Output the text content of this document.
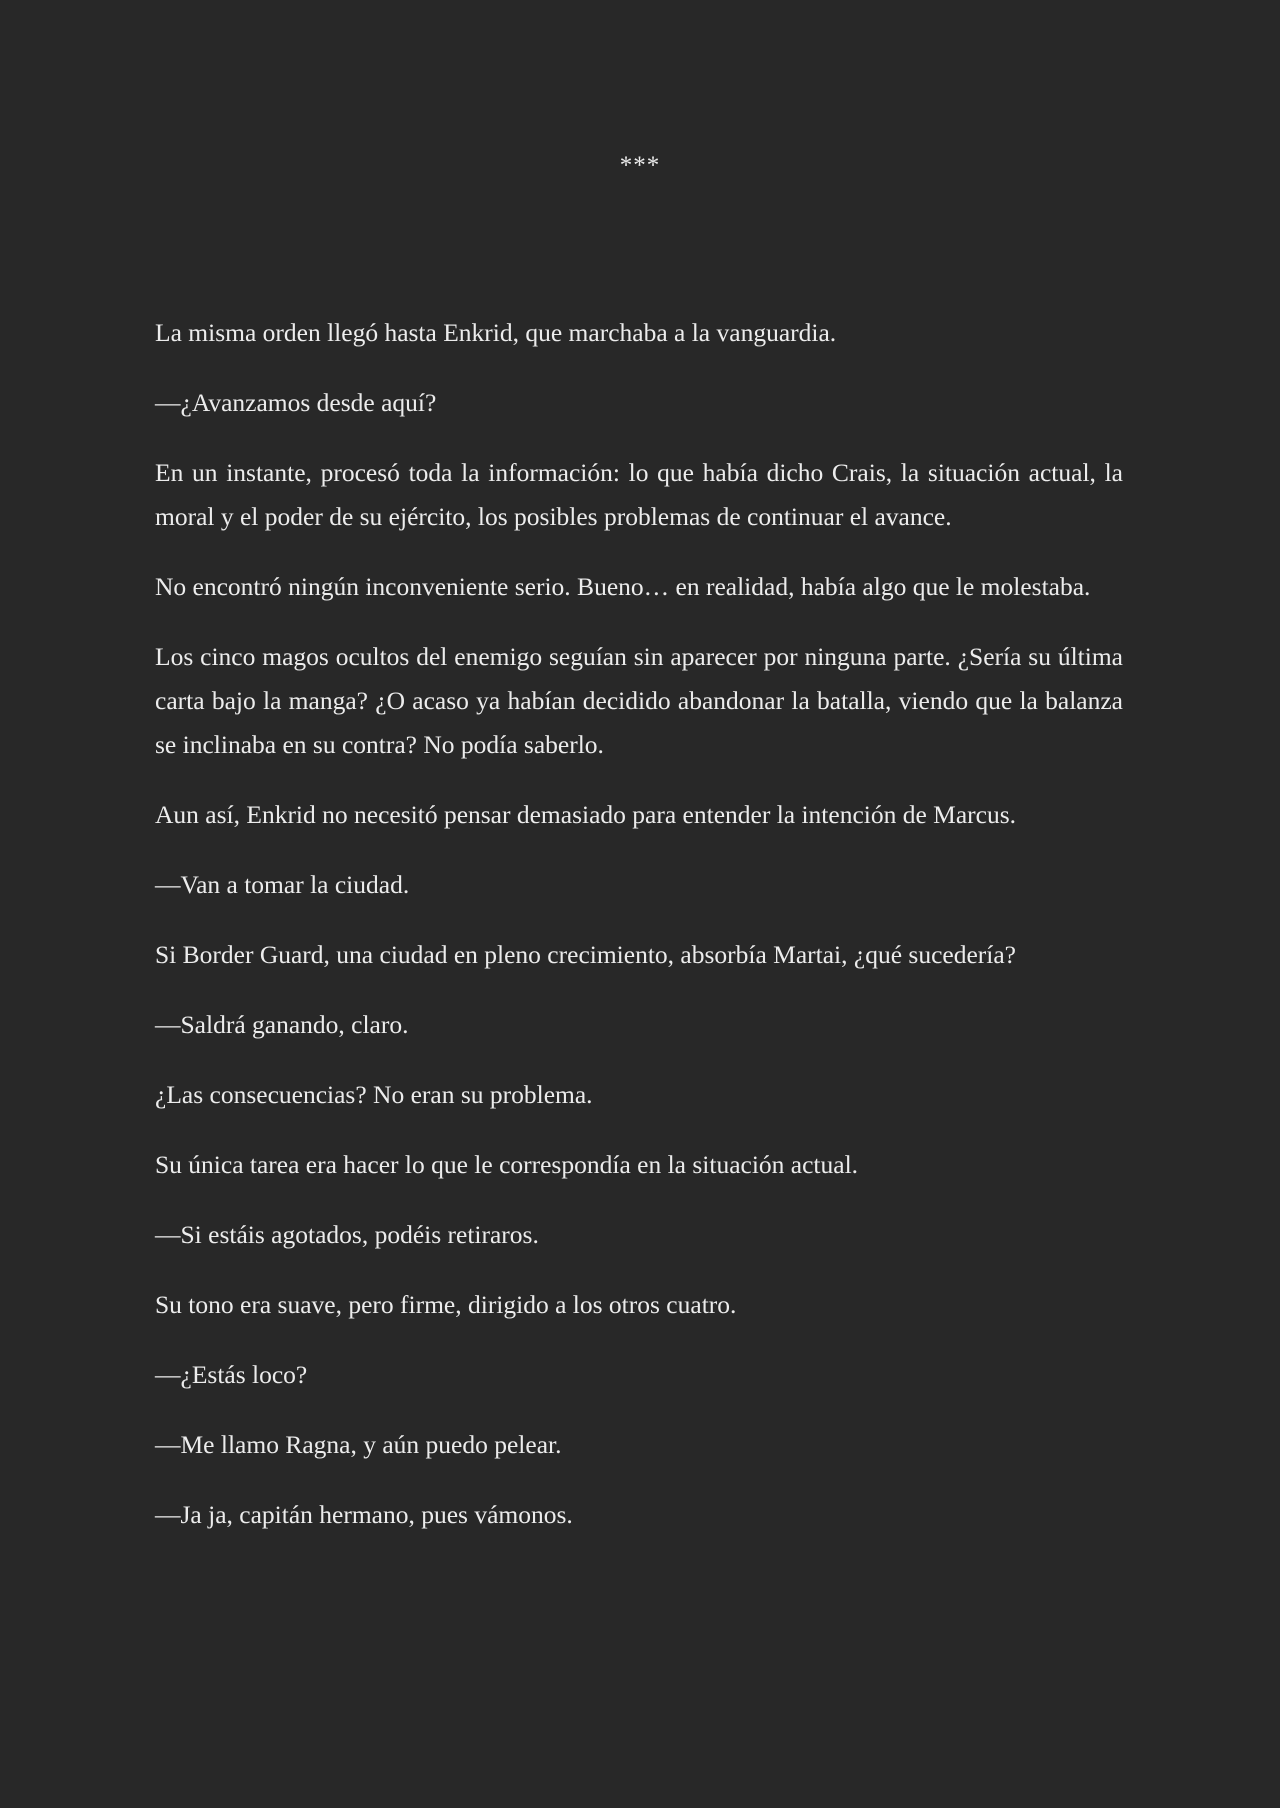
***

La misma orden llegó hasta Enkrid, que marchaba a la vanguardia.

—¿Avanzamos desde aquí?

En un instante, procesó toda la información: lo que había dicho Crais, la situación actual, la moral y el poder de su ejército, los posibles problemas de continuar el avance.

No encontró ningún inconveniente serio. Bueno… en realidad, había algo que le molestaba.

Los cinco magos ocultos del enemigo seguían sin aparecer por ninguna parte. ¿Sería su última carta bajo la manga? ¿O acaso ya habían decidido abandonar la batalla, viendo que la balanza se inclinaba en su contra? No podía saberlo.

Aun así, Enkrid no necesitó pensar demasiado para entender la intención de Marcus.

—Van a tomar la ciudad.

Si Border Guard, una ciudad en pleno crecimiento, absorbía Martai, ¿qué sucedería?

—Saldrá ganando, claro.

¿Las consecuencias? No eran su problema.

Su única tarea era hacer lo que le correspondía en la situación actual.

—Si estáis agotados, podéis retiraros.

Su tono era suave, pero firme, dirigido a los otros cuatro.

—¿Estás loco?

—Me llamo Ragna, y aún puedo pelear.

—Ja ja, capitán hermano, pues vámonos.
